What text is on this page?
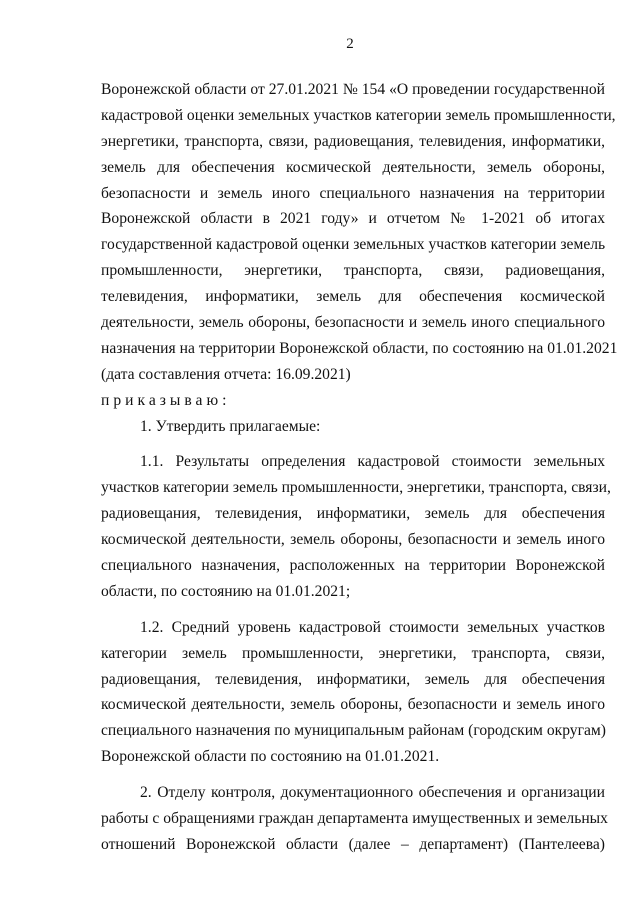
2
Воронежской области от 27.01.2021 № 154 «О проведении государственной
кадастровой оценки земельных участков категории земель промышленности,
энергетики, транспорта, связи, радиовещания, телевидения, информатики,
земель для обеспечения космической деятельности, земель обороны,
безопасности и земель иного специального назначения на территории
Воронежской области в 2021 году» и отчетом № 1-2021 об итогах
государственной кадастровой оценки земельных участков категории земель
промышленности, энергетики, транспорта, связи, радиовещания,
телевидения, информатики, земель для обеспечения космической
деятельности, земель обороны, безопасности и земель иного специального
назначения на территории Воронежской области, по состоянию на 01.01.2021
(дата составления отчета: 16.09.2021)
приказываю:
1. Утвердить прилагаемые:
1.1. Результаты определения кадастровой стоимости земельных
участков категории земель промышленности, энергетики, транспорта, связи,
радиовещания, телевидения, информатики, земель для обеспечения
космической деятельности, земель обороны, безопасности и земель иного
специального назначения, расположенных на территории Воронежской
области, по состоянию на 01.01.2021;
1.2. Средний уровень кадастровой стоимости земельных участков
категории земель промышленности, энергетики, транспорта, связи,
радиовещания, телевидения, информатики, земель для обеспечения
космической деятельности, земель обороны, безопасности и земель иного
специального назначения по муниципальным районам (городским округам)
Воронежской области по состоянию на 01.01.2021.
2. Отделу контроля, документационного обеспечения и организации
работы с обращениями граждан департамента имущественных и земельных
отношений Воронежской области (далее – департамент) (Пантелеева)
